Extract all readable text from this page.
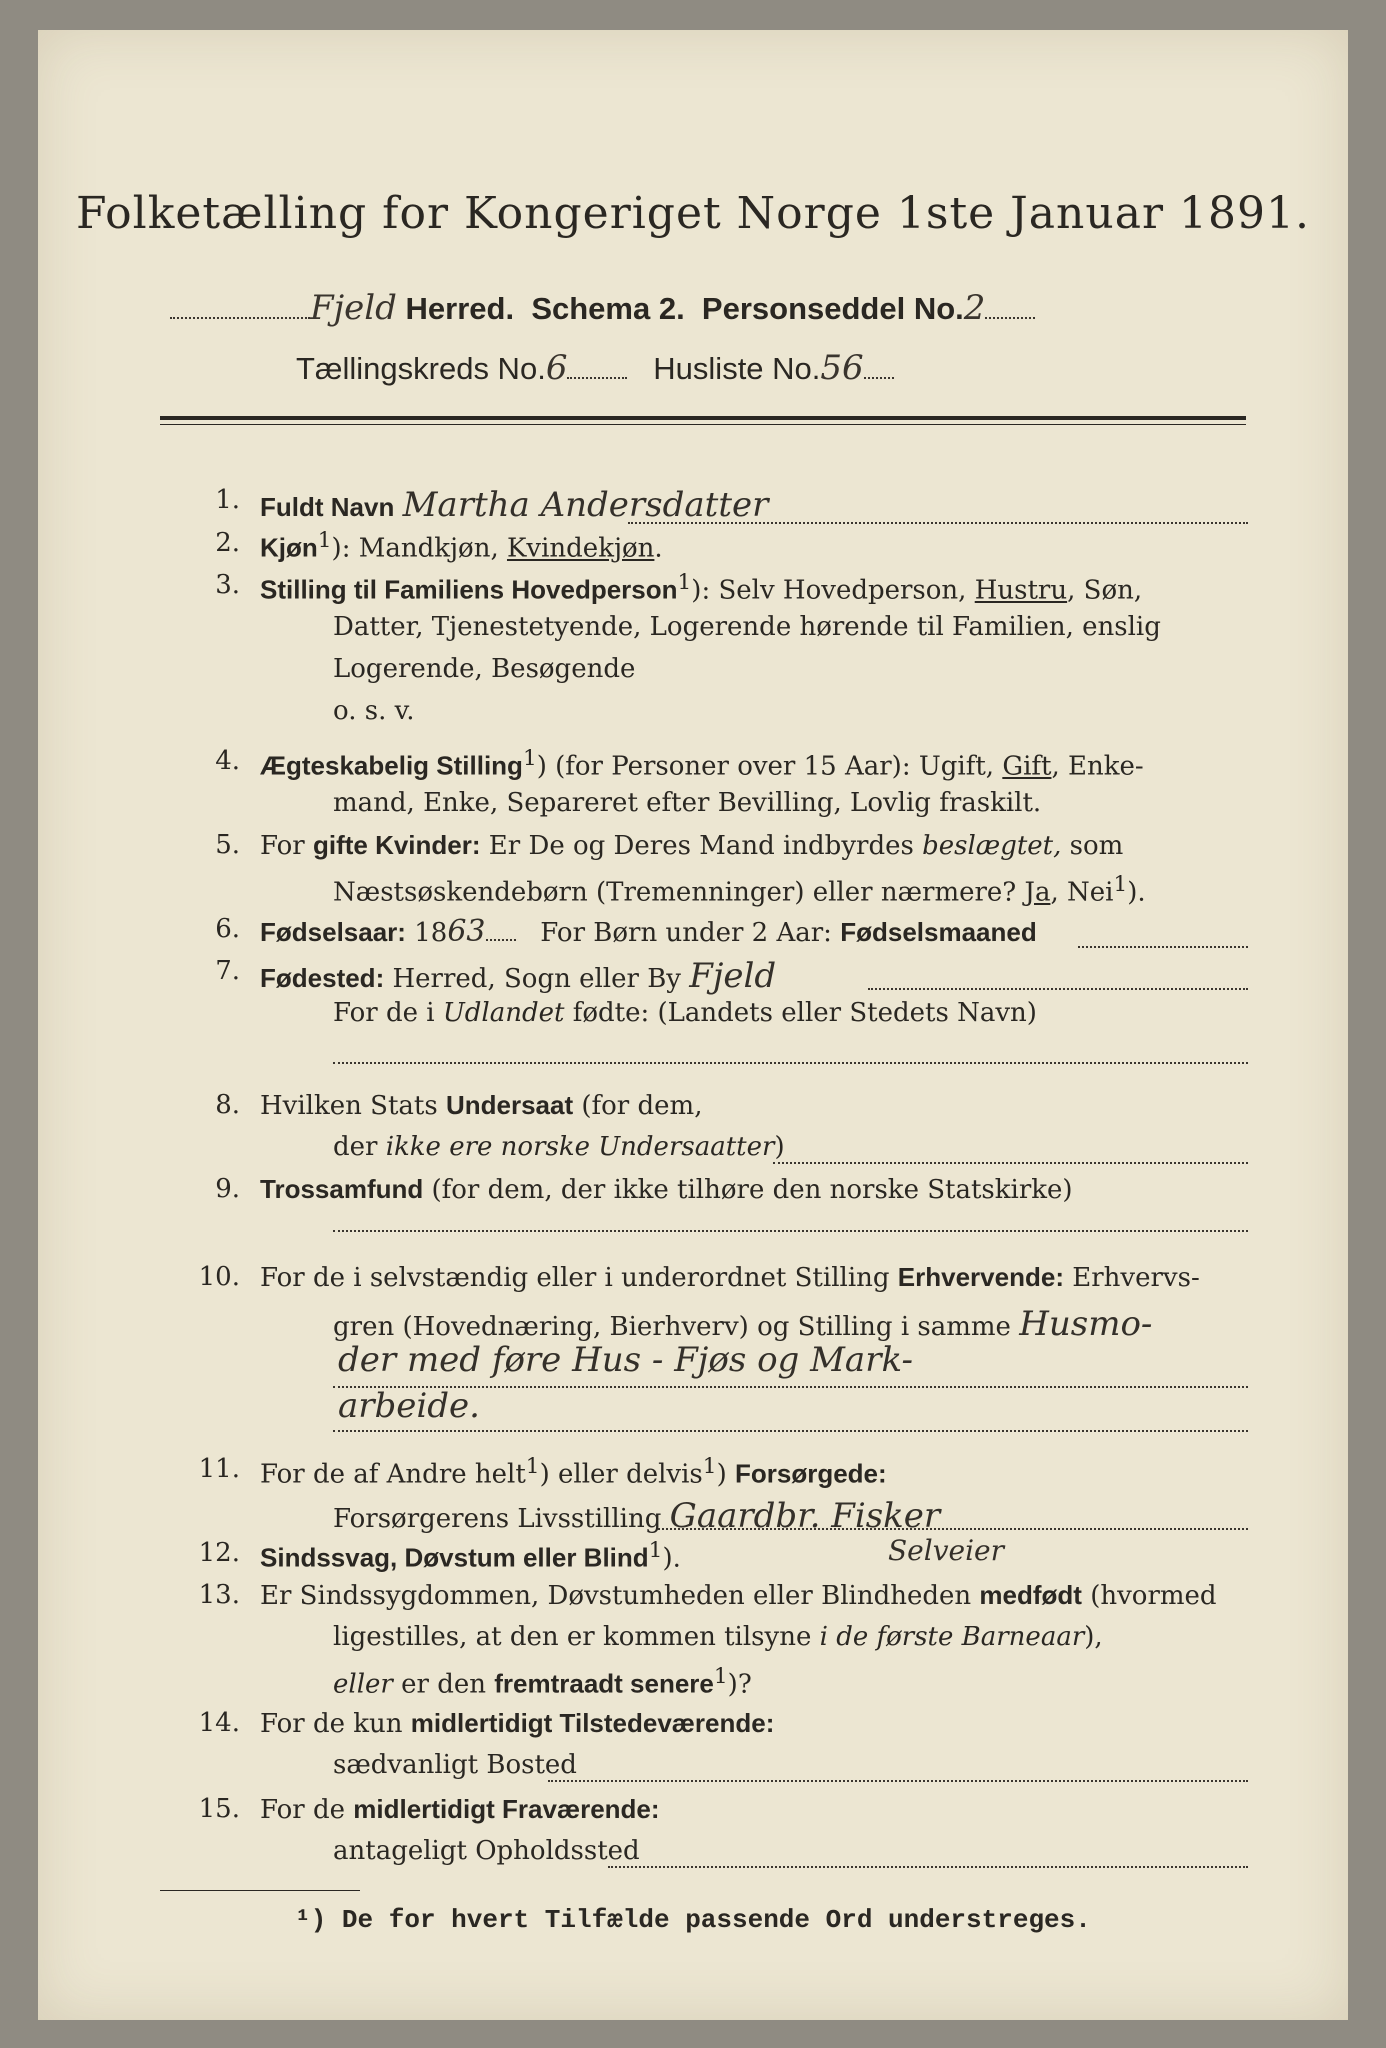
Folketælling for Kongeriget Norge 1ste Januar 1891.
Fjeld Herred. Schema 2. Personseddel No.2
Tællingskreds No.6	Husliste No.56
1. Fuldt Navn Martha Andersdatter
2. Kjøn$^1$): Mandkjøn, Kvindekjøn.
3. Stilling til Familiens Hovedperson$^1$): Selv Hovedperson, Hustru, Søn,
Datter, Tjenestetyende, Logerende hørende til Familien, enslig
Logerende, Besøgende
o. s. v.
4. Ægteskabelig Stilling$^1$) (for Personer over 15 Aar): Ugift, Gift, Enke-
mand, Enke, Separeret efter Bevilling, Lovlig fraskilt.
5. For gifte Kvinder: Er De og Deres Mand indbyrdes beslægtet, som
Næstsøskendebørn (Tremenninger) eller nærmere? Ja, Nei$^1$).
6. Fødselsaar: 1863 For Børn under 2 Aar: Fødselsmaaned
7. Fødested: Herred, Sogn eller By Fjeld
For de i Udlandet fødte: (Landets eller Stedets Navn)
8. Hvilken Stats Undersaat (for dem,
der ikke ere norske Undersaatter)
9. Trossamfund (for dem, der ikke tilhøre den norske Statskirke)
10. For de i selvstændig eller i underordnet Stilling Erhvervende: Erhvervs-
gren (Hovednæring, Bierhverv) og Stilling i samme Husmo-
der med føre Hus - Fjøs og Mark-
arbeide.
11. For de af Andre helt$^1$) eller delvis$^1$) Forsørgede:
Forsørgerens Livsstilling Gaardbr. Fisker
12. Sindssvag, Døvstum eller Blind$^1$).	Selveier
13. Er Sindssygdommen, Døvstumheden eller Blindheden medfødt (hvormed
ligestilles, at den er kommen tilsyne i de første Barneaar),
eller er den fremtraadt senere$^1$)?
14. For de kun midlertidigt Tilstedeværende:
sædvanligt Bosted
15. For de midlertidigt Fraværende:
antageligt Opholdssted
¹) De for hvert Tilfælde passende Ord understreges.
